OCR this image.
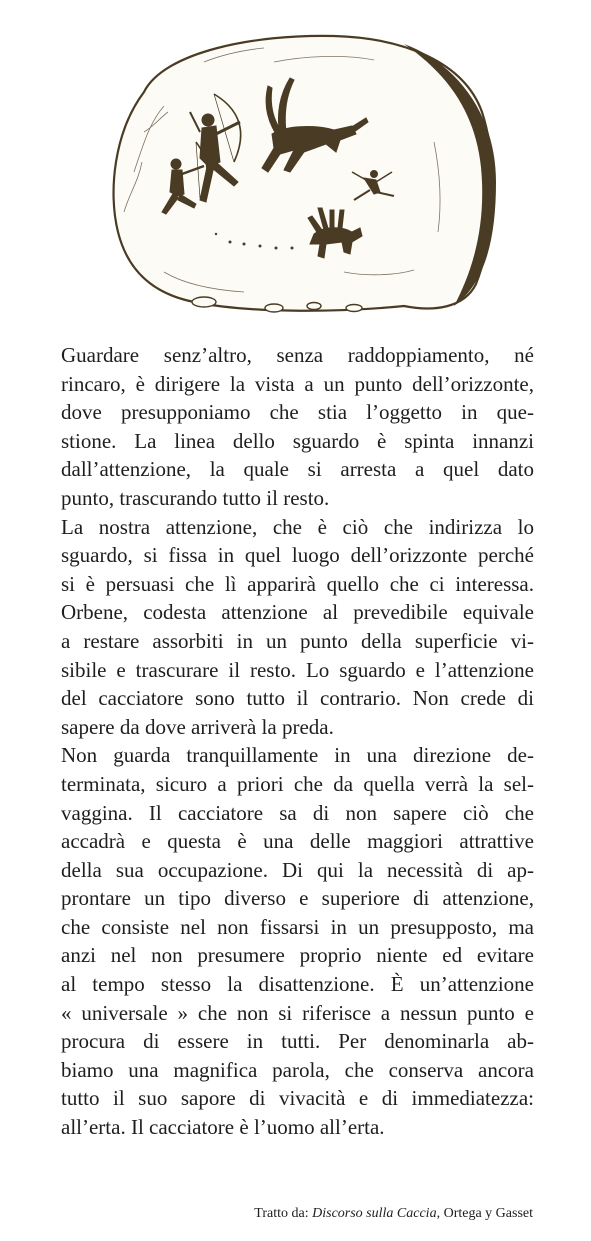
Guardare senz’altro, senza raddoppiamento, né
rincaro, è dirigere la vista a un punto dell’orizzonte,
dove presupponiamo che stia l’oggetto in que-
stione. La linea dello sguardo è spinta innanzi
dall’attenzione, la quale si arresta a quel dato
punto, trascurando tutto il resto.
La nostra attenzione, che è ciò che indirizza lo
sguardo, si fissa in quel luogo dell’orizzonte perché
si è persuasi che lì apparirà quello che ci interessa.
Orbene, codesta attenzione al prevedibile equivale
a restare assorbiti in un punto della superficie vi-
sibile e trascurare il resto. Lo sguardo e l’attenzione
del cacciatore sono tutto il contrario. Non crede di
sapere da dove arriverà la preda.
Non guarda tranquillamente in una direzione de-
terminata, sicuro a priori che da quella verrà la sel-
vaggina. Il cacciatore sa di non sapere ciò che
accadrà e questa è una delle maggiori attrattive
della sua occupazione. Di qui la necessità di ap-
prontare un tipo diverso e superiore di attenzione,
che consiste nel non fissarsi in un presupposto, ma
anzi nel non presumere proprio niente ed evitare
al tempo stesso la disattenzione. È un’attenzione
« universale » che non si riferisce a nessun punto e
procura di essere in tutti. Per denominarla ab-
biamo una magnifica parola, che conserva ancora
tutto il suo sapore di vivacità e di immediatezza:
all’erta. Il cacciatore è l’uomo all’erta.
Tratto da: Discorso sulla Caccia, Ortega y Gasset
